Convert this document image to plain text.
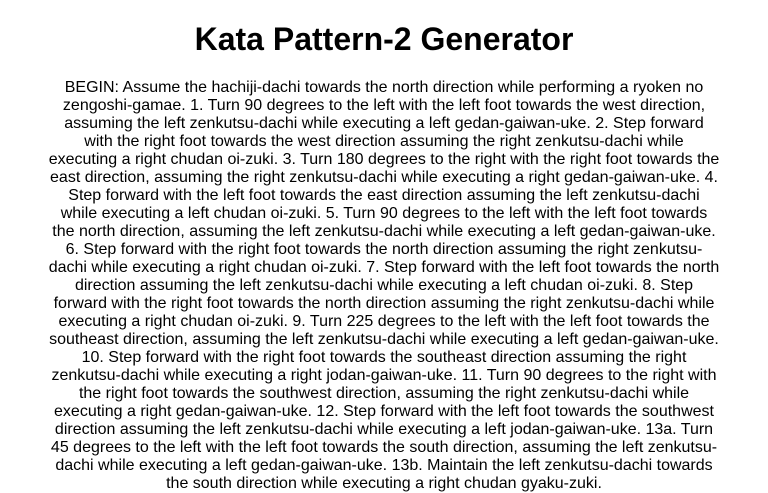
Kata Pattern-2 Generator

BEGIN: Assume the hachiji-dachi towards the north direction while performing a ryoken no zengoshi-gamae. 1. Turn 90 degrees to the left with the left foot towards the west direction, assuming the left zenkutsu-dachi while executing a left gedan-gaiwan-uke. 2. Step forward with the right foot towards the west direction assuming the right zenkutsu-dachi while executing a right chudan oi-zuki. 3. Turn 180 degrees to the right with the right foot towards the east direction, assuming the right zenkutsu-dachi while executing a right gedan-gaiwan-uke. 4. Step forward with the left foot towards the east direction assuming the left zenkutsu-dachi while executing a left chudan oi-zuki. 5. Turn 90 degrees to the left with the left foot towards the north direction, assuming the left zenkutsu-dachi while executing a left gedan-gaiwan-uke. 6. Step forward with the right foot towards the north direction assuming the right zenkutsu-dachi while executing a right chudan oi-zuki. 7. Step forward with the left foot towards the north direction assuming the left zenkutsu-dachi while executing a left chudan oi-zuki. 8. Step forward with the right foot towards the north direction assuming the right zenkutsu-dachi while executing a right chudan oi-zuki. 9. Turn 225 degrees to the left with the left foot towards the southeast direction, assuming the left zenkutsu-dachi while executing a left gedan-gaiwan-uke. 10. Step forward with the right foot towards the southeast direction assuming the right zenkutsu-dachi while executing a right jodan-gaiwan-uke. 11. Turn 90 degrees to the right with the right foot towards the southwest direction, assuming the right zenkutsu-dachi while executing a right gedan-gaiwan-uke. 12. Step forward with the left foot towards the southwest direction assuming the left zenkutsu-dachi while executing a left jodan-gaiwan-uke. 13a. Turn 45 degrees to the left with the left foot towards the south direction, assuming the left zenkutsu-dachi while executing a left gedan-gaiwan-uke. 13b. Maintain the left zenkutsu-dachi towards the south direction while executing a right chudan gyaku-zuki.
